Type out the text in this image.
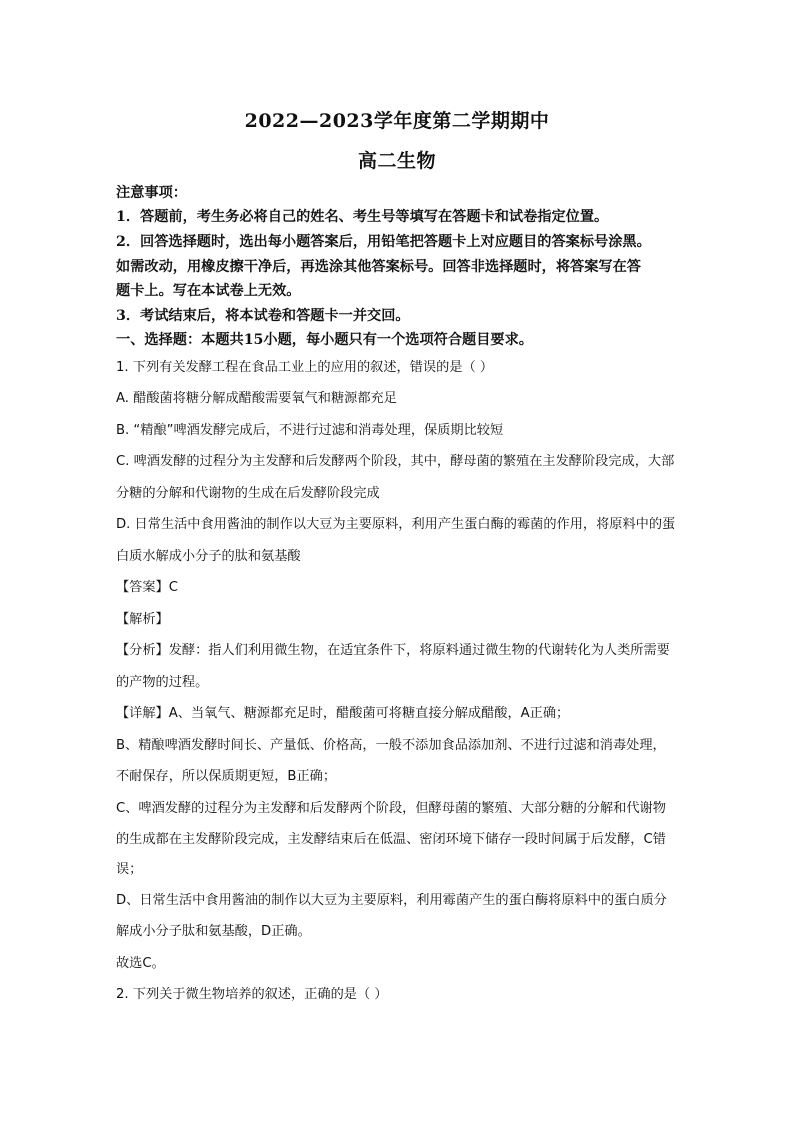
2022—2023学年度第二学期期中
高二生物
注意事项：
1．答题前，考生务必将自己的姓名、考生号等填写在答题卡和试卷指定位置。
2．回答选择题时，选出每小题答案后，用铅笔把答题卡上对应题目的答案标号涂黑。
如需改动，用橡皮擦干净后，再选涂其他答案标号。回答非选择题时，将答案写在答
题卡上。写在本试卷上无效。
3．考试结束后，将本试卷和答题卡一并交回。
一、选择题：本题共15小题，每小题只有一个选项符合题目要求。
1. 下列有关发酵工程在食品工业上的应用的叙述，错误的是（ ）
A. 醋酸菌将糖分解成醋酸需要氧气和糖源都充足
B. “精酿”啤酒发酵完成后，不进行过滤和消毒处理，保质期比较短
C. 啤酒发酵的过程分为主发酵和后发酵两个阶段，其中，酵母菌的繁殖在主发酵阶段完成，大部
分糖的分解和代谢物的生成在后发酵阶段完成
D. 日常生活中食用酱油的制作以大豆为主要原料，利用产生蛋白酶的霉菌的作用，将原料中的蛋
白质水解成小分子的肽和氨基酸
【答案】C
【解析】
【分析】发酵：指人们利用微生物，在适宜条件下，将原料通过微生物的代谢转化为人类所需要
的产物的过程。
【详解】A、当氧气、糖源都充足时，醋酸菌可将糖直接分解成醋酸，A正确；
B、精酿啤酒发酵时间长、产量低、价格高，一般不添加食品添加剂、不进行过滤和消毒处理，
不耐保存，所以保质期更短，B正确；
C、啤酒发酵的过程分为主发酵和后发酵两个阶段，但酵母菌的繁殖、大部分糖的分解和代谢物
的生成都在主发酵阶段完成，主发酵结束后在低温、密闭环境下储存一段时间属于后发酵，C错
误；
D、日常生活中食用酱油的制作以大豆为主要原料，利用霉菌产生的蛋白酶将原料中的蛋白质分
解成小分子肽和氨基酸，D正确。
故选C。
2. 下列关于微生物培养的叙述，正确的是（ ）
